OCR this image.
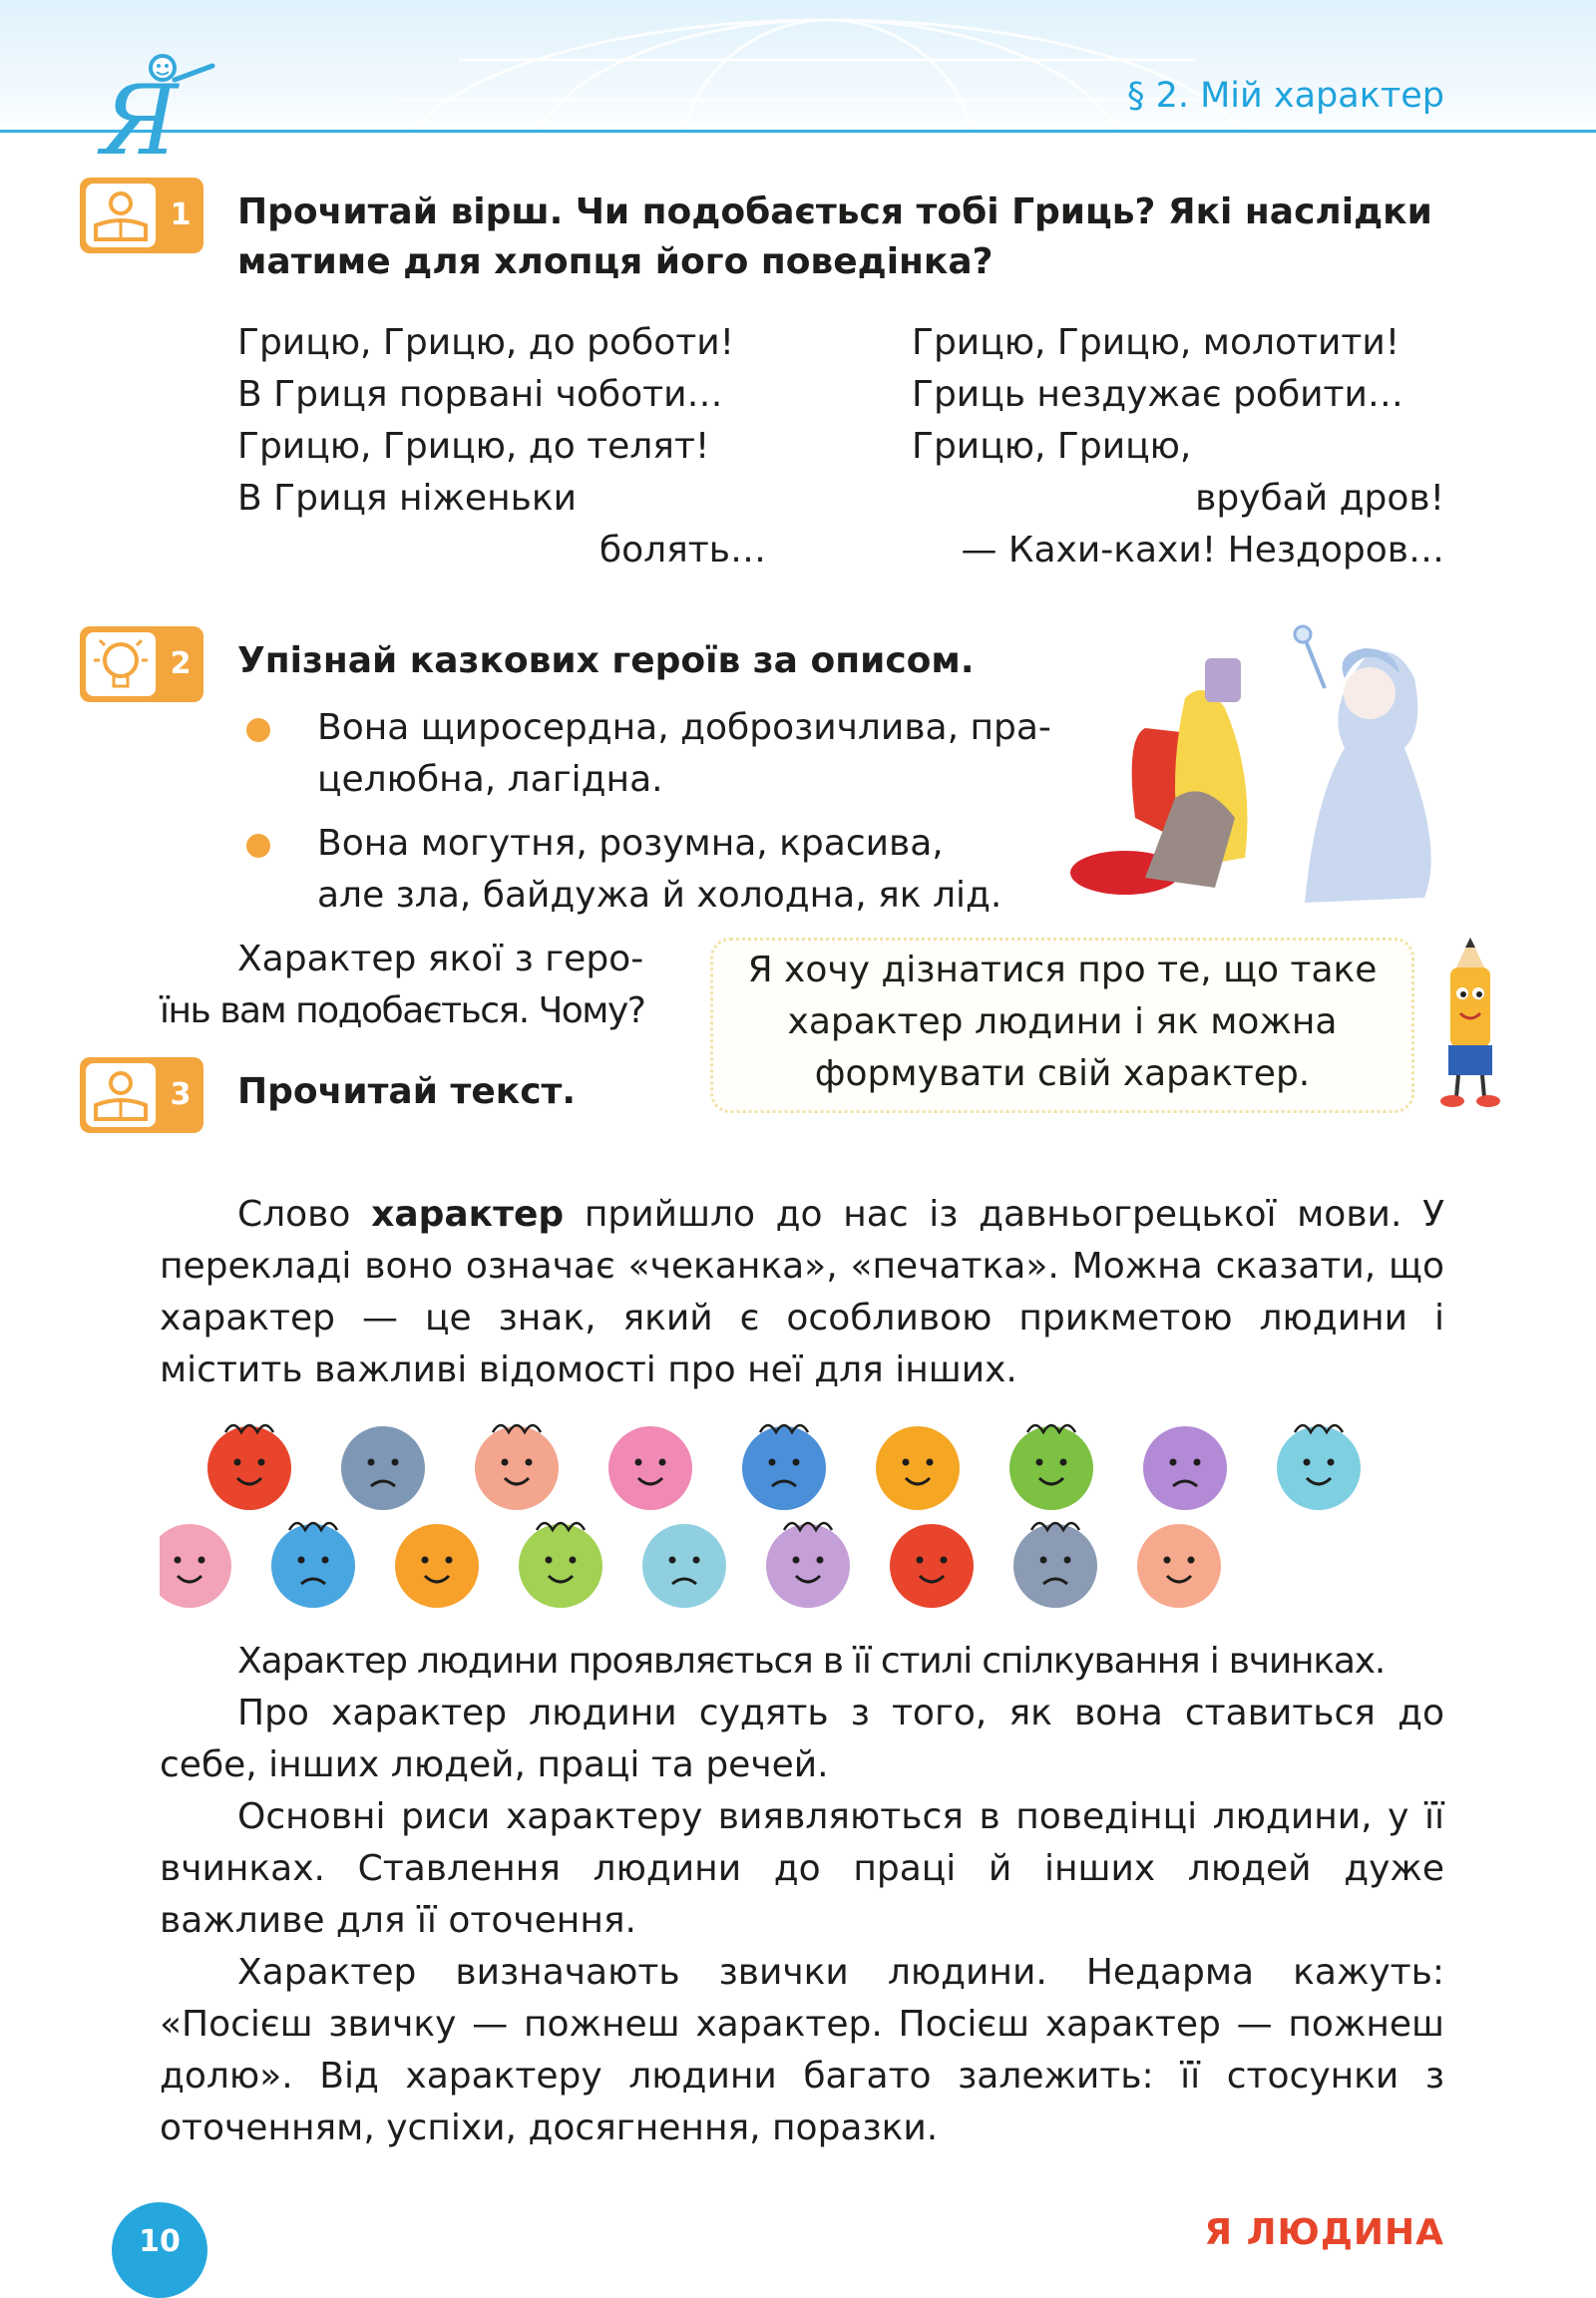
Я	§ 2. Мій характер
1	Прочитай вірш. Чи подобається тобі Гриць? Які наслідки
матиме для хлопця його поведінка?
Грицю, Грицю, до роботи!
В Гриця порвані чоботи…
Грицю, Грицю, до телят!
В Гриця ніженьки
болять…
Грицю, Грицю, молотити!
Гриць нездужає робити…
Грицю, Грицю,
врубай дров!
— Кахи-кахи! Нездоров…
2	Упізнай казкових героїв за описом.
Вона щиросердна, доброзичлива, пра-
целюбна, лагідна.
Вона могутня, розумна, красива,
але зла, байдужа й холодна, як лід.
Характер якої з геро-
їнь вам подобається. Чому?
Я хочу дізнатися про те, що таке
характер людини і як можна
формувати свій характер.
3	Прочитай текст.
Слово характер прийшло до нас із давньогрецької мови. У перекладі воно означає «чеканка», «печатка». Можна сказати, що характер — це знак, який є особливою прикметою людини і містить важливі відомості про неї для інших.
Характер людини проявляється в її стилі спілкування і вчинках.
Про характер людини судять з того, як вона ставиться до себе, інших людей, праці та речей.
Основні риси характеру виявляються в поведінці людини, у її вчинках. Ставлення людини до праці й інших людей дуже важливе для її оточення.
Характер визначають звички людини. Недарма кажуть: «Посієш звичку — пожнеш характер. Посієш характер — пожнеш долю». Від характеру людини багато залежить: її стосунки з оточенням, успіхи, досягнення, поразки.
10	Я ЛЮДИНА
